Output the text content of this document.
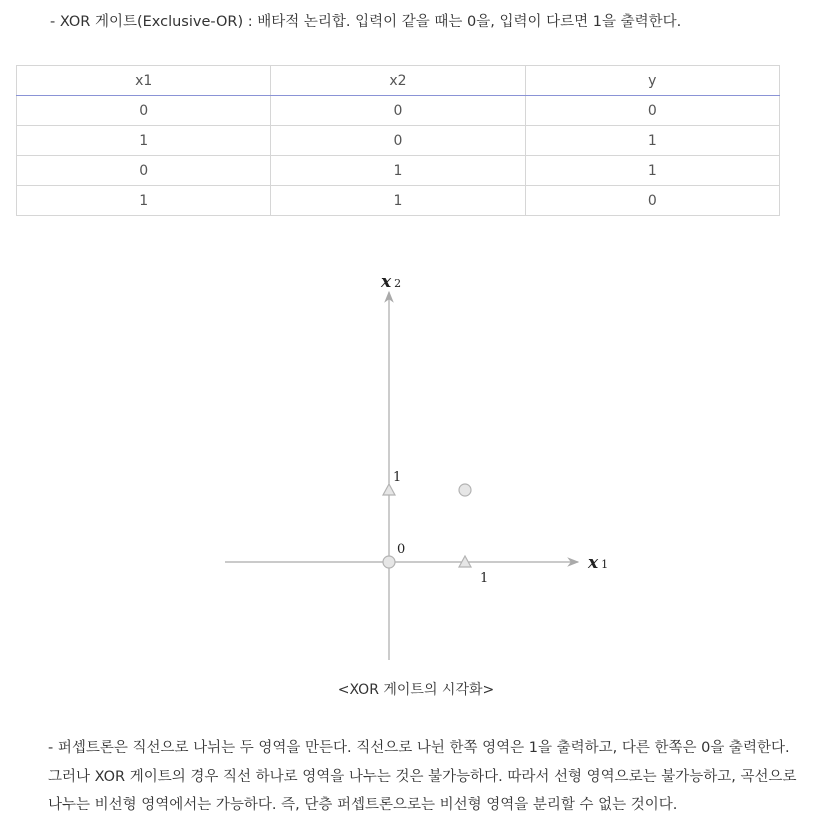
- XOR 게이트(Exclusive-OR) : 배타적 논리합. 입력이 같을 때는 0을, 입력이 다르면 1을 출력한다.
x1	x2	y
0	0	0
1	0	1
0	1	1
1	1	0
x 1
x 2
0
1
1
<XOR 게이트의 시각화>
- 퍼셉트론은 직선으로 나뉘는 두 영역을 만든다. 직선으로 나뉜 한쪽 영역은 1을 출력하고, 다른 한쪽은 0을 출력한다.
그러나 XOR 게이트의 경우 직선 하나로 영역을 나누는 것은 불가능하다. 따라서 선형 영역으로는 불가능하고, 곡선으로
나누는 비선형 영역에서는 가능하다. 즉, 단층 퍼셉트론으로는 비선형 영역을 분리할 수 없는 것이다.
